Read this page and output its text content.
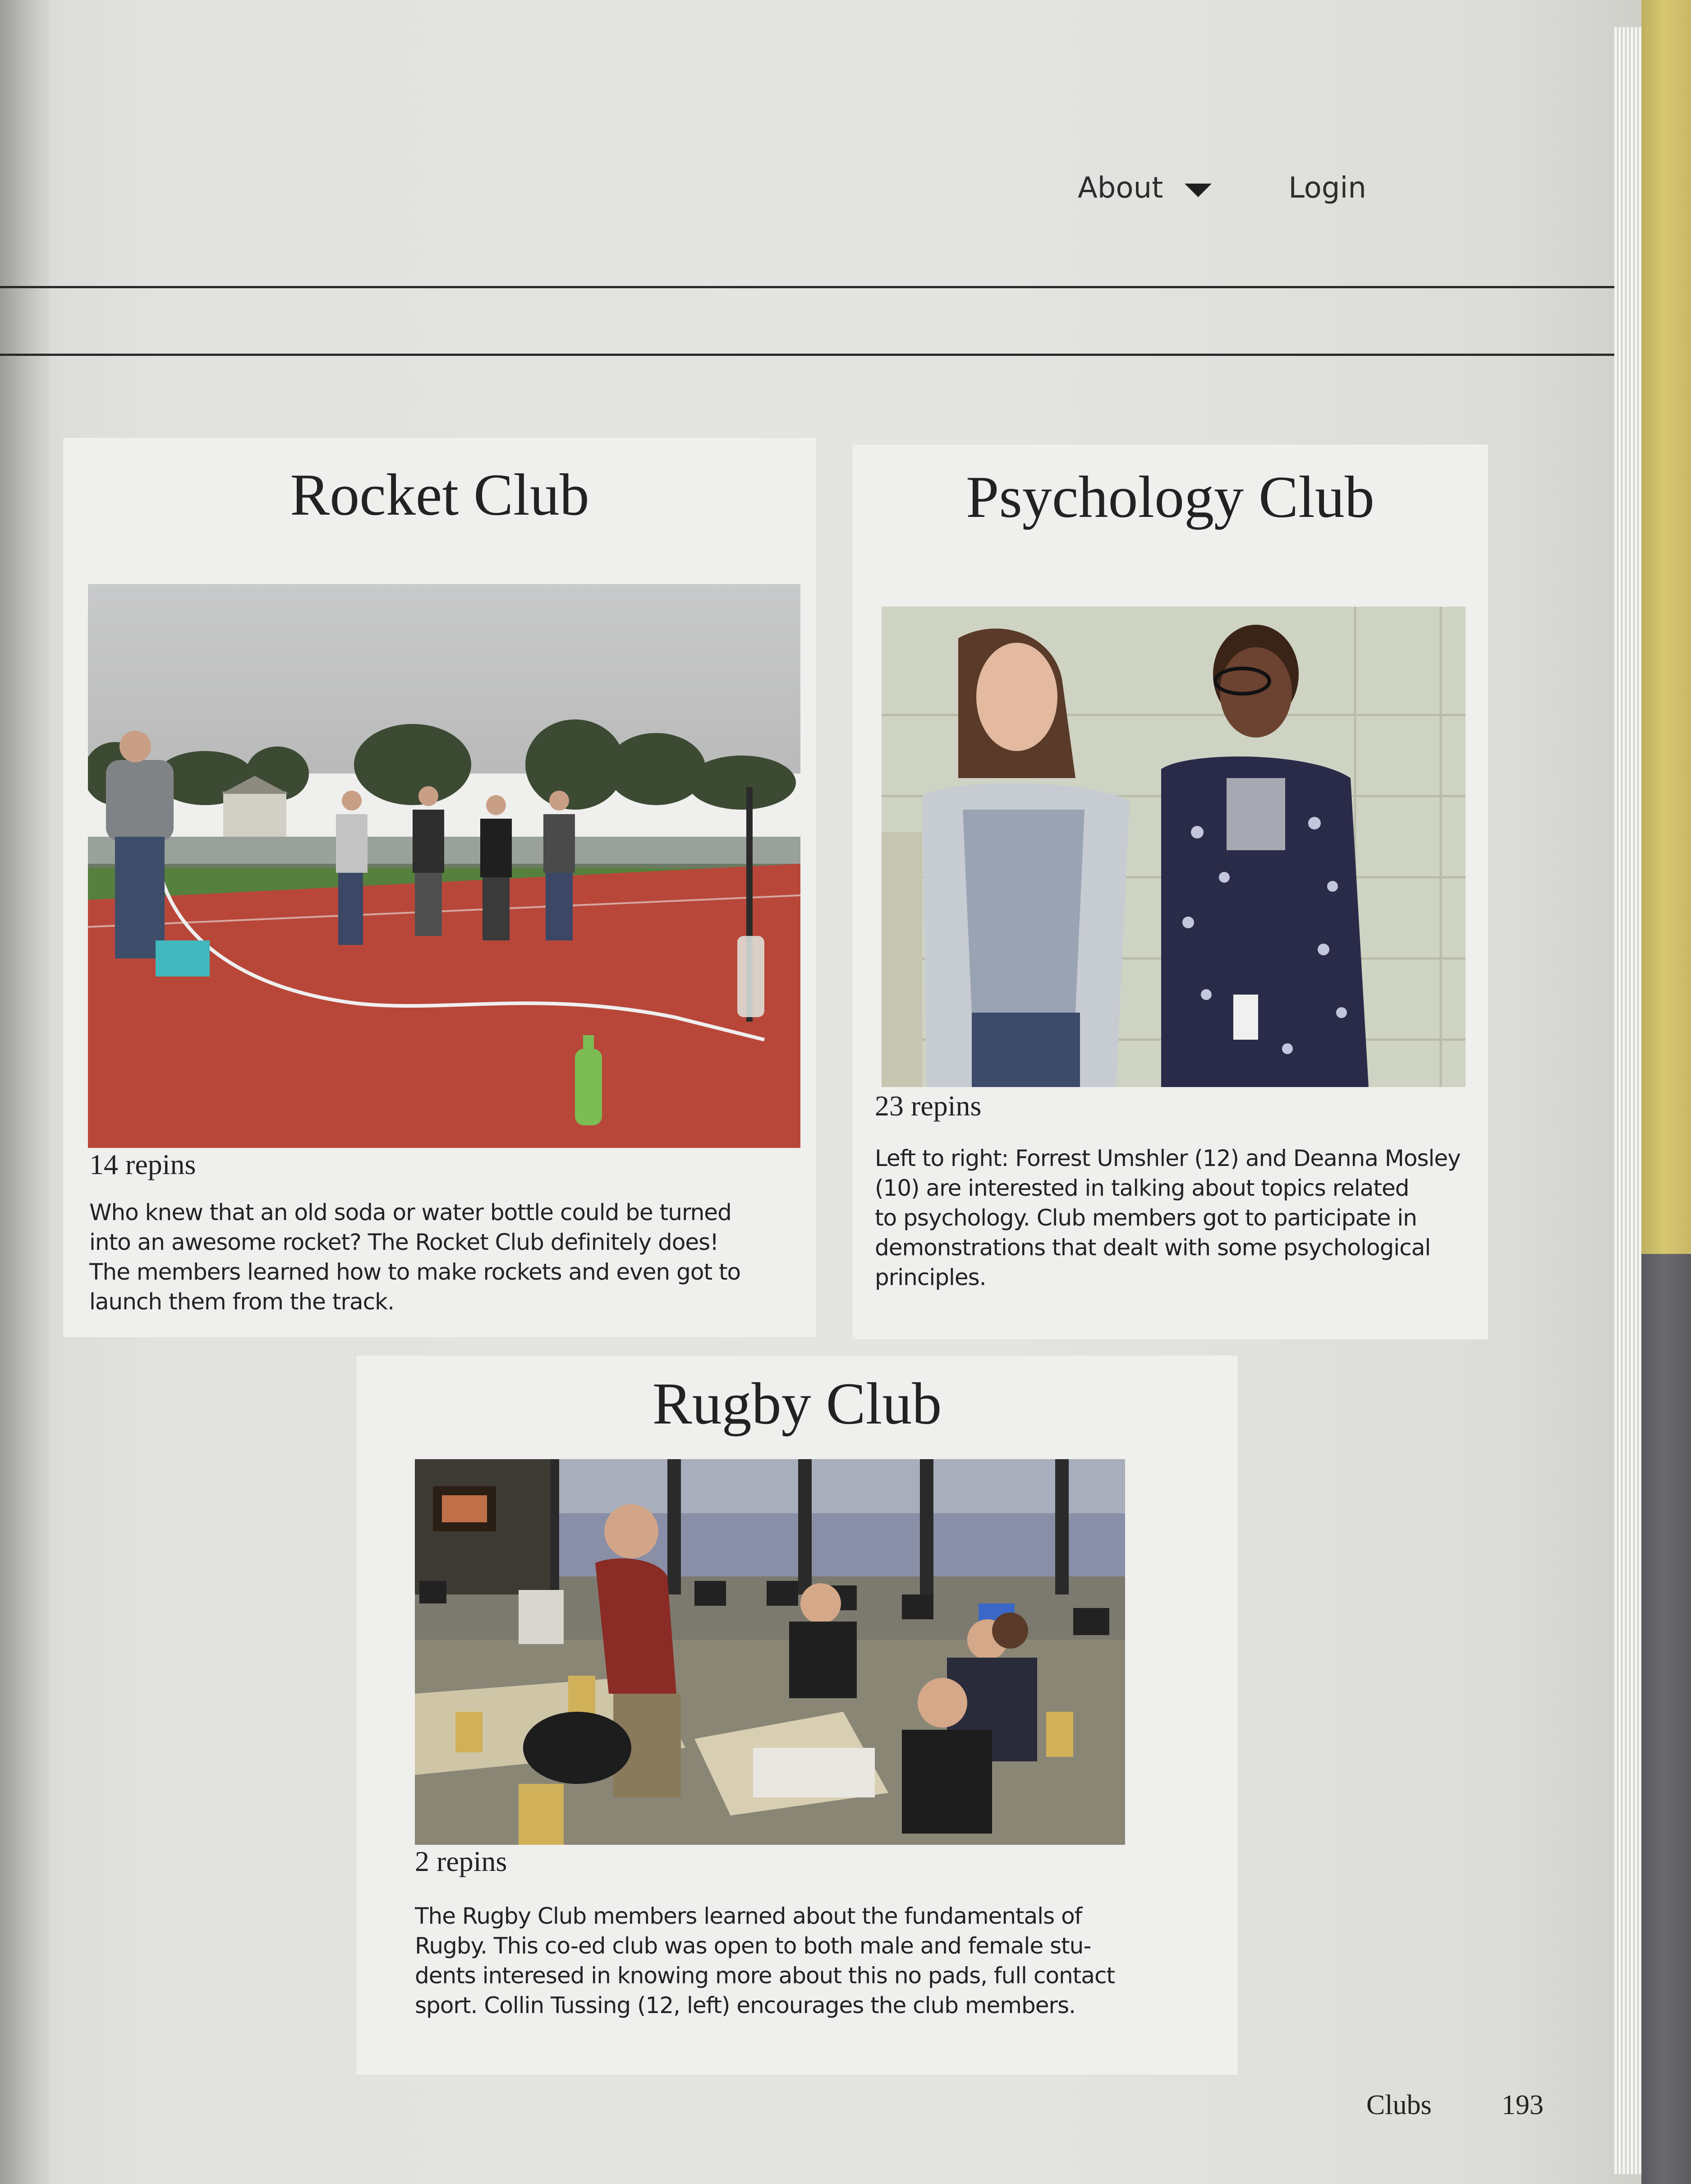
About	Login
Rocket Club
14 repins
Who knew that an old soda or water bottle could be turned
into an awesome rocket? The Rocket Club definitely does!
The members learned how to make rockets and even got to
launch them from the track.
Psychology Club
23 repins
Left to right: Forrest Umshler (12) and Deanna Mosley
(10) are interested in talking about topics related
to psychology. Club members got to participate in
demonstrations that dealt with some psychological
principles.
Rugby Club
2 repins
The Rugby Club members learned about the fundamentals of
Rugby. This co-ed club was open to both male and female stu-
dents interesed in knowing more about this no pads, full contact
sport. Collin Tussing (12, left) encourages the club members.
Clubs	193
